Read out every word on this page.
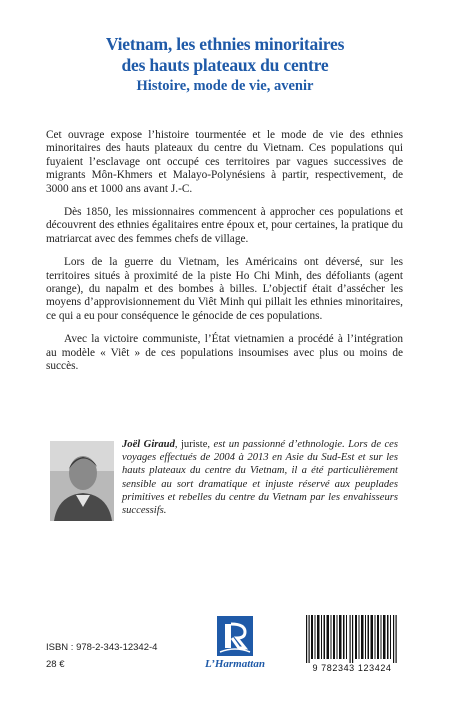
Vietnam, les ethnies minoritaires
des hauts plateaux du centre
Histoire, mode de vie, avenir

Cet ouvrage expose l’histoire tourmentée et le mode de vie des ethnies minoritaires des hauts plateaux du centre du Vietnam. Ces populations qui fuyaient l’esclavage ont occupé ces territoires par vagues successives de migrants Môn-Khmers et Malayo-Polynésiens à partir, respectivement, de 3000 ans et 1000 ans avant J.-C.

Dès 1850, les missionnaires commencent à approcher ces populations et découvrent des ethnies égalitaires entre époux et, pour certaines, la pratique du matriarcat avec des femmes chefs de village.

Lors de la guerre du Vietnam, les Américains ont déversé, sur les territoires situés à proximité de la piste Ho Chi Minh, des défoliants (agent orange), du napalm et des bombes à billes. L’objectif était d’assécher les moyens d’approvisionnement du Viêt Minh qui pillait les ethnies minoritaires, ce qui a eu pour conséquence le génocide de ces populations.

Avec la victoire communiste, l’État vietnamien a procédé à l’intégration au modèle « Viêt » de ces populations insoumises avec plus ou moins de succès.

Joël Giraud, juriste, est un passionné d’ethnologie. Lors de ces voyages effectués de 2004 à 2013 en Asie du Sud-Est et sur les hauts plateaux du centre du Vietnam, il a été particulièrement sensible au sort dramatique et injuste réservé aux peuplades primitives et rebelles du centre du Vietnam par les envahisseurs successifs.
ISBN : 978-2-343-12342-4
28 €	L’Harmattan	9 782343 123424
